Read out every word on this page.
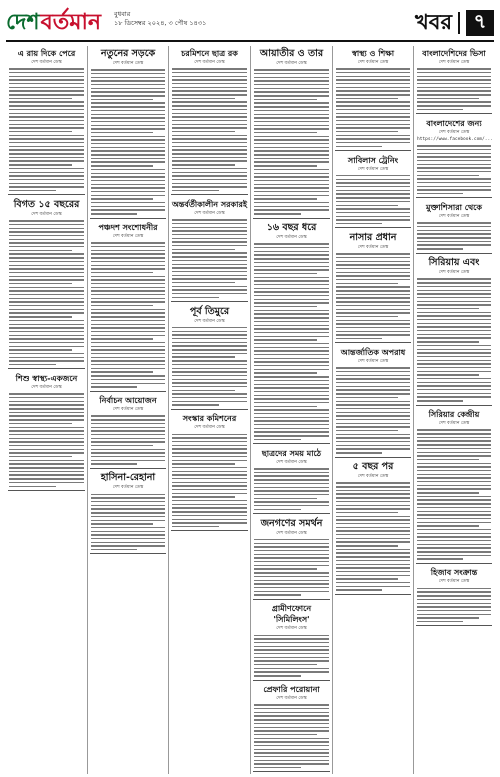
দেশ বর্তমান বুধবার
১৮ ডিসেম্বর ২০২৪, ৩ পৌষ ১৪৩১	খবর	৭
এ রায় দিকে পেরে
দেশ বর্তমান ডেস্ক
বিগত ১৫ বছরের
দেশ বর্তমান ডেস্ক
শিশু স্বাস্থ্য-একজনে
দেশ বর্তমান ডেস্ক
নতুনের সড়কে
দেশ বর্তমান ডেস্ক
পঞ্চদশ সংশোধনীর
দেশ বর্তমান ডেস্ক
নির্বাচন আয়োজন
দেশ বর্তমান ডেস্ক
হাসিনা-রেহানা
দেশ বর্তমান ডেস্ক
চরমিশনে ছাত্র রক
দেশ বর্তমান ডেস্ক
অন্তর্বর্তীকালীন সরকারই
দেশ বর্তমান ডেস্ক
পূর্ব তিমুরে
দেশ বর্তমান ডেস্ক
সংস্কার কমিশনের
দেশ বর্তমান ডেস্ক
আয়াতীর ও তার
দেশ বর্তমান ডেস্ক
১৬ বছর ধরে
দেশ বর্তমান ডেস্ক
ছাত্রদের সময় মাঠে
দেশ বর্তমান ডেস্ক
জনগণের সমর্থন
দেশ বর্তমান ডেস্ক
গ্রামীণফোনে 'সিমিলিংস'
দেশ বর্তমান ডেস্ক
প্রেফারি পরোয়ানা
দেশ বর্তমান ডেস্ক
স্বাস্থ্য ও শিক্ষা
দেশ বর্তমান ডেস্ক
সাবিলাস ট্রেনিং
দেশ বর্তমান ডেস্ক
নাসার প্রধান
দেশ বর্তমান ডেস্ক
আন্তর্জাতিক অপরাধ
দেশ বর্তমান ডেস্ক
৫ বছর পর
দেশ বর্তমান ডেস্ক
বাংলাদেশিদের ভিসা
দেশ বর্তমান ডেস্ক
বাংলাদেশের জন্য
দেশ বর্তমান ডেস্ক
https://www.facebook.com/...
মুক্তাশিসারা থেকে
দেশ বর্তমান ডেস্ক
সিরিয়ায় এবং
দেশ বর্তমান ডেস্ক
সিরিয়ার কেন্দ্রীয়
দেশ বর্তমান ডেস্ক
হিজাব সংক্রান্ত
দেশ বর্তমান ডেস্ক
